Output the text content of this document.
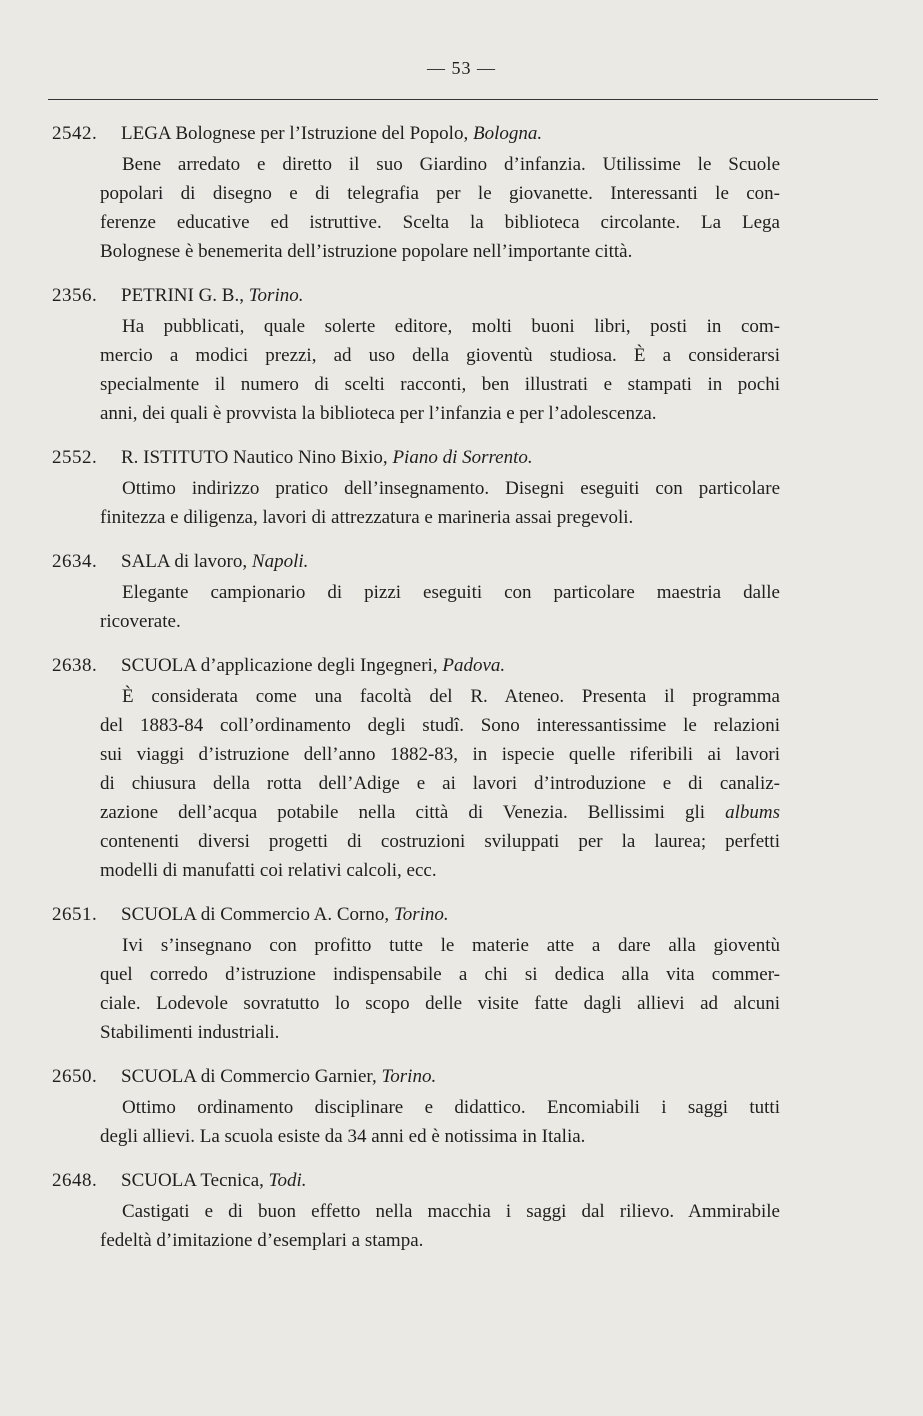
— 53 —
2542. LEGA Bolognese per l’Istruzione del Popolo, Bologna.
Bene arredato e diretto il suo Giardino d’infanzia. Utilissime le Scuole
popolari di disegno e di telegrafia per le giovanette. Interessanti le con-
ferenze educative ed istruttive. Scelta la biblioteca circolante. La Lega
Bolognese è benemerita dell’istruzione popolare nell’importante città.
2356. PETRINI G. B., Torino.
Ha pubblicati, quale solerte editore, molti buoni libri, posti in com-
mercio a modici prezzi, ad uso della gioventù studiosa. È a considerarsi
specialmente il numero di scelti racconti, ben illustrati e stampati in pochi
anni, dei quali è provvista la biblioteca per l’infanzia e per l’adolescenza.
2552. R. ISTITUTO Nautico Nino Bixio, Piano di Sorrento.
Ottimo indirizzo pratico dell’insegnamento. Disegni eseguiti con particolare
finitezza e diligenza, lavori di attrezzatura e marineria assai pregevoli.
2634. SALA di lavoro, Napoli.
Elegante campionario di pizzi eseguiti con particolare maestria dalle
ricoverate.
2638. SCUOLA d’applicazione degli Ingegneri, Padova.
È considerata come una facoltà del R. Ateneo. Presenta il programma
del 1883-84 coll’ordinamento degli studî. Sono interessantissime le relazioni
sui viaggi d’istruzione dell’anno 1882-83, in ispecie quelle riferibili ai lavori
di chiusura della rotta dell’Adige e ai lavori d’introduzione e di canaliz-
zazione dell’acqua potabile nella città di Venezia. Bellissimi gli albums
contenenti diversi progetti di costruzioni sviluppati per la laurea; perfetti
modelli di manufatti coi relativi calcoli, ecc.
2651. SCUOLA di Commercio A. Corno, Torino.
Ivi s’insegnano con profitto tutte le materie atte a dare alla gioventù
quel corredo d’istruzione indispensabile a chi si dedica alla vita commer-
ciale. Lodevole sovratutto lo scopo delle visite fatte dagli allievi ad alcuni
Stabilimenti industriali.
2650. SCUOLA di Commercio Garnier, Torino.
Ottimo ordinamento disciplinare e didattico. Encomiabili i saggi tutti
degli allievi. La scuola esiste da 34 anni ed è notissima in Italia.
2648. SCUOLA Tecnica, Todi.
Castigati e di buon effetto nella macchia i saggi dal rilievo. Ammirabile
fedeltà d’imitazione d’esemplari a stampa.
